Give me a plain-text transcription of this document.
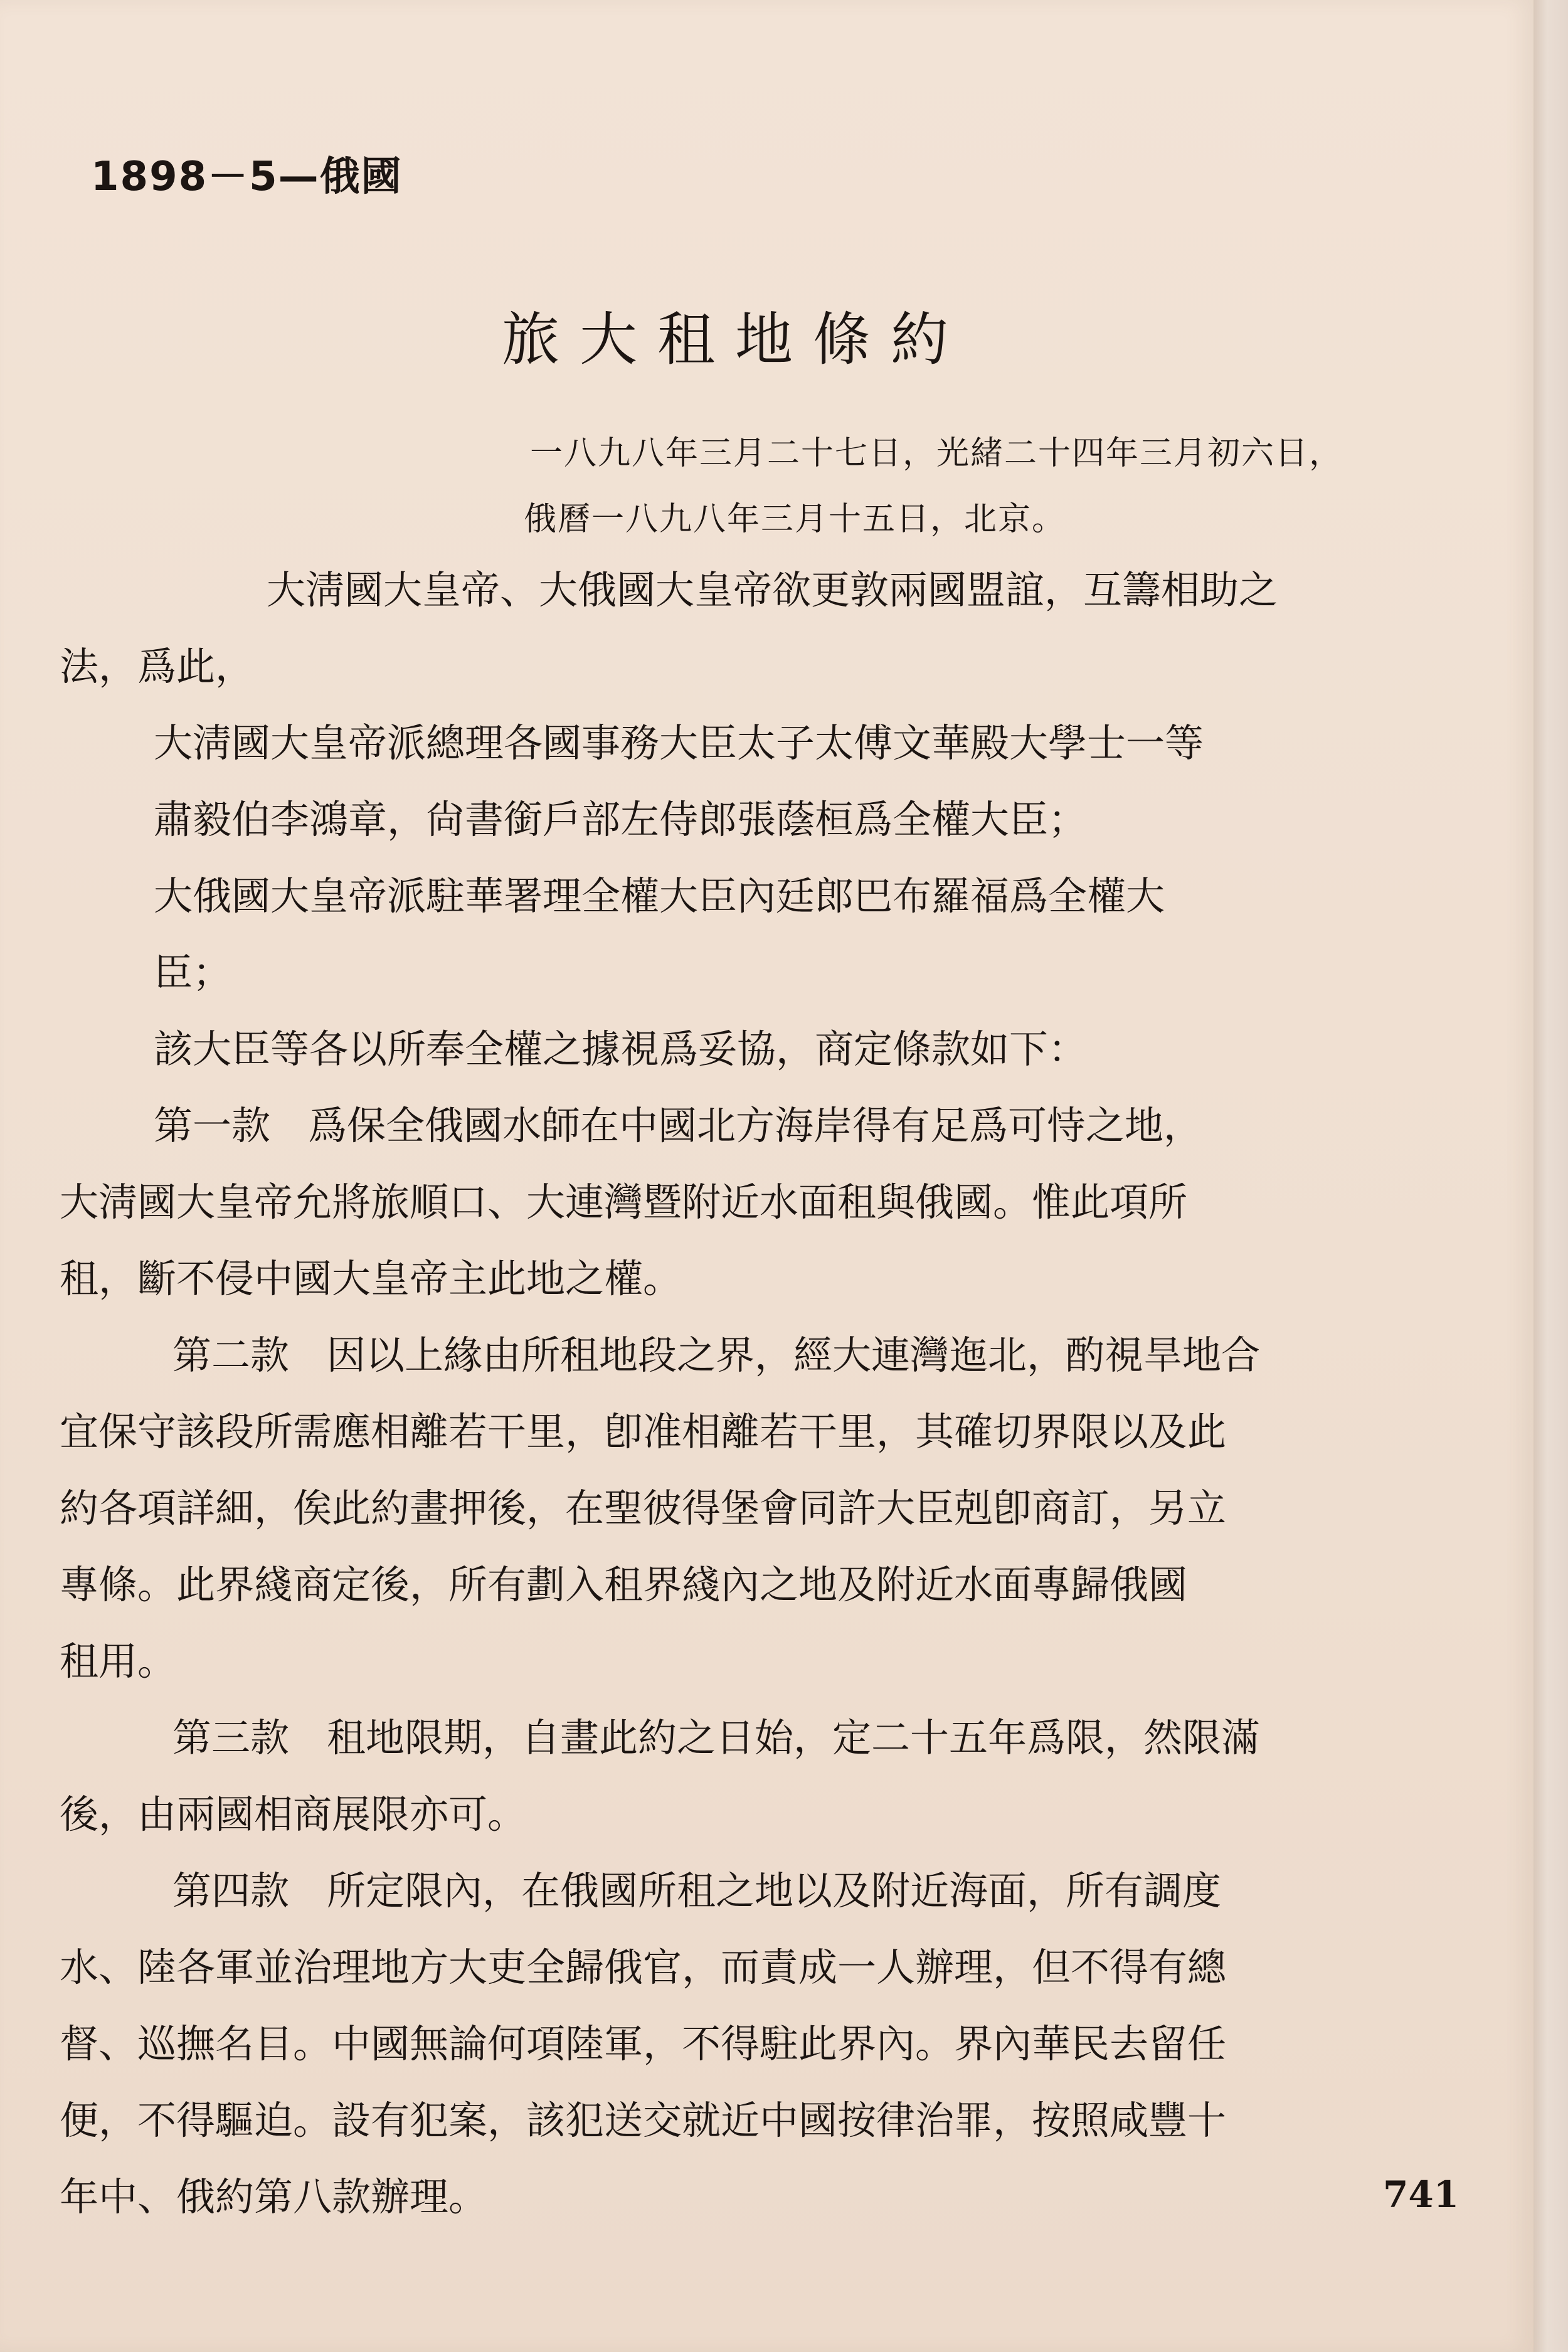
1898－5—俄國
旅大租地條約
一八九八年三月二十七日，光緒二十四年三月初六日，
俄曆一八九八年三月十五日，北京。

大淸國大皇帝、大俄國大皇帝欲更敦兩國盟誼，互籌相助之

法，爲此，

大淸國大皇帝派總理各國事務大臣太子太傅文華殿大學士一等

肅毅伯李鴻章，尙書銜戶部左侍郎張蔭桓爲全權大臣；

大俄國大皇帝派駐華署理全權大臣內廷郎巴布羅福爲全權大

臣；

該大臣等各以所奉全權之據視爲妥協，商定條款如下：

第一款 爲保全俄國水師在中國北方海岸得有足爲可恃之地，

大淸國大皇帝允將旅順口、大連灣暨附近水面租與俄國。惟此項所

租，斷不侵中國大皇帝主此地之權。

第二款 因以上緣由所租地段之界，經大連灣迤北，酌視旱地合

宜保守該段所需應相離若干里，卽准相離若干里，其確切界限以及此

約各項詳細，俟此約畫押後，在聖彼得堡會同許大臣剋卽商訂，另立

專條。此界綫商定後，所有劃入租界綫內之地及附近水面專歸俄國

租用。

第三款 租地限期，自畫此約之日始，定二十五年爲限，然限滿

後，由兩國相商展限亦可。

第四款 所定限內，在俄國所租之地以及附近海面，所有調度

水、陸各軍並治理地方大吏全歸俄官，而責成一人辦理，但不得有總

督、巡撫名目。中國無論何項陸軍，不得駐此界內。界內華民去留任

便，不得驅迫。設有犯案，該犯送交就近中國按律治罪，按照咸豐十

年中、俄約第八款辦理。	741
